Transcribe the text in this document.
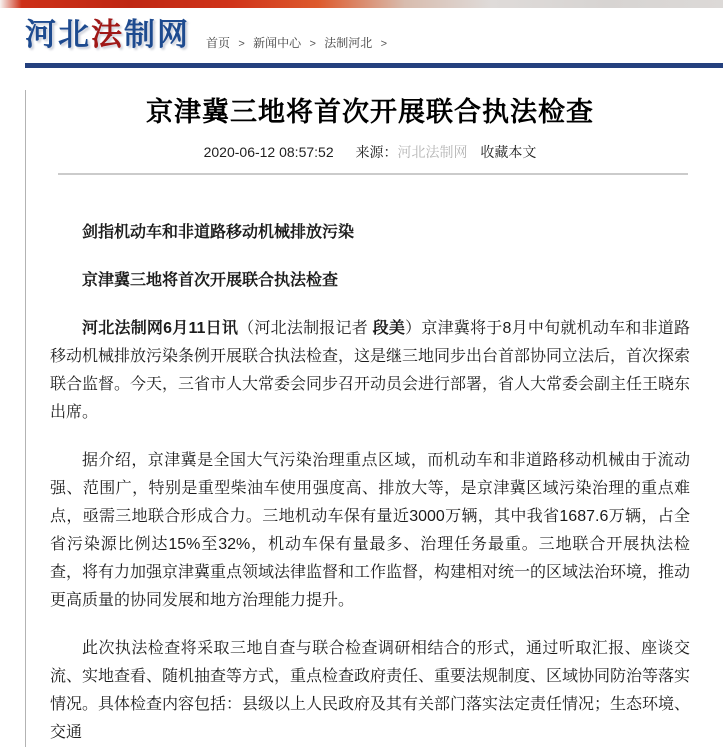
河北法制网 首页 > 新闻中心 > 法制河北 >
京津冀三地将首次开展联合执法检查
2020-06-12 08:57:52 来源：河北法制网 收藏本文

剑指机动车和非道路移动机械排放污染

京津冀三地将首次开展联合执法检查

河北法制网6月11日讯（河北法制报记者 段美）京津冀将于8月中旬就机动车和非道路移动机械排放污染条例开展联合执法检查，这是继三地同步出台首部协同立法后，首次探索联合监督。今天，三省市人大常委会同步召开动员会进行部署，省人大常委会副主任王晓东出席。

据介绍，京津冀是全国大气污染治理重点区域，而机动车和非道路移动机械由于流动强、范围广，特别是重型柴油车使用强度高、排放大等，是京津冀区域污染治理的重点难点，亟需三地联合形成合力。三地机动车保有量近3000万辆，其中我省1687.6万辆，占全省污染源比例达15%至32%，机动车保有量最多、治理任务最重。三地联合开展执法检查，将有力加强京津冀重点领域法律监督和工作监督，构建相对统一的区域法治环境，推动更高质量的协同发展和地方治理能力提升。

此次执法检查将采取三地自查与联合检查调研相结合的形式，通过听取汇报、座谈交流、实地查看、随机抽查等方式，重点检查政府责任、重要法规制度、区域协同防治等落实情况。具体检查内容包括：县级以上人民政府及其有关部门落实法定责任情况；生态环境、交通
